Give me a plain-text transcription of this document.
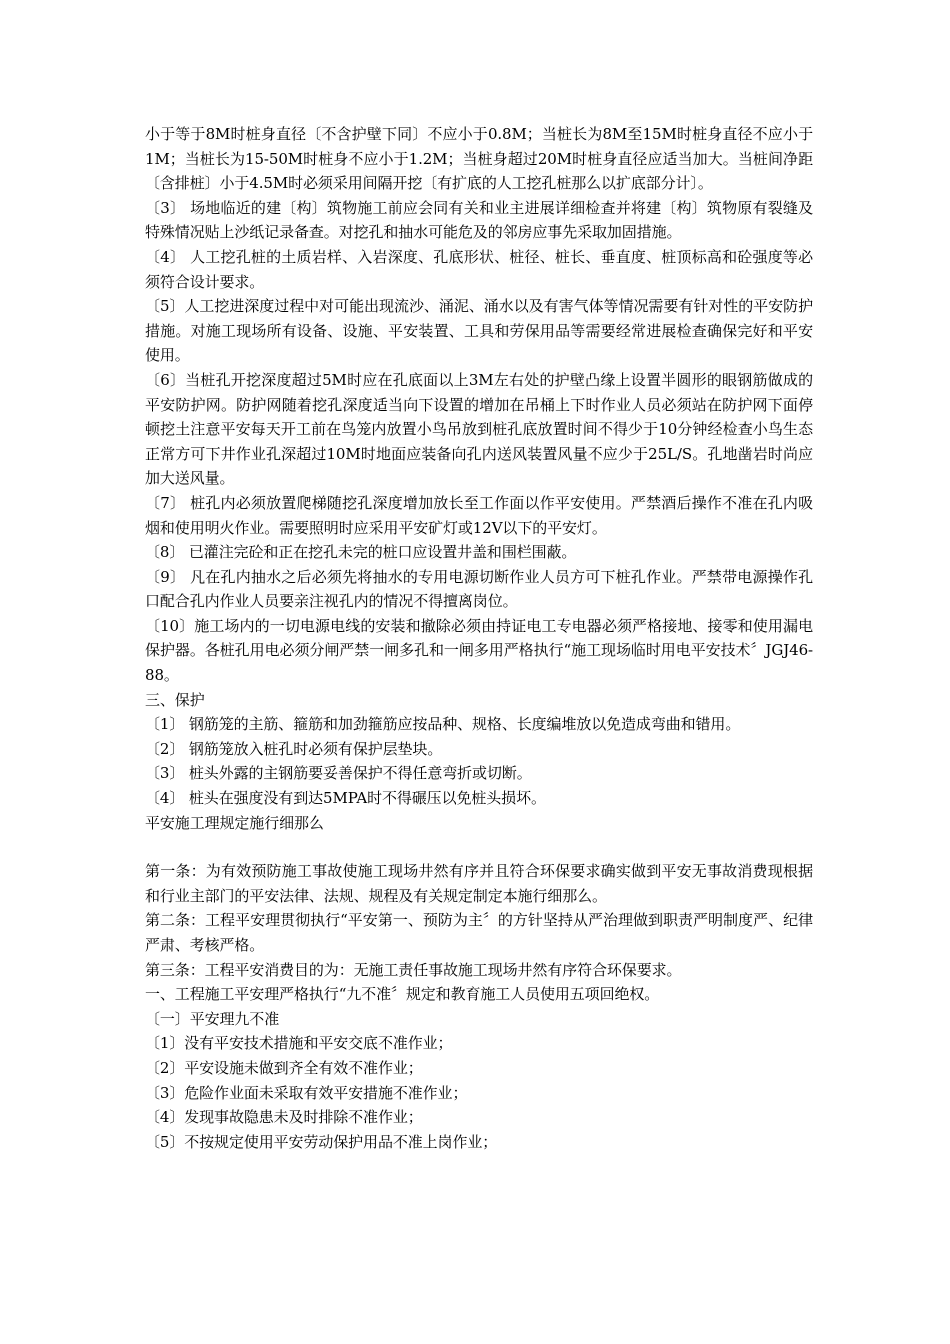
小于等于8M时桩身直径〔不含护壁下同〕不应小于0.8M；当桩长为8M至15M时桩身直径不应小于1M；当桩长为15-50M时桩身不应小于1.2M；当桩身超过20M时桩身直径应适当加大。当桩间净距〔含排桩〕小于4.5M时必须采用间隔开挖〔有扩底的人工挖孔桩那么以扩底部分计〕。

〔3〕 场地临近的建〔构〕筑物施工前应会同有关和业主进展详细检查并将建〔构〕筑物原有裂缝及特殊情况贴上沙纸记录备查。对挖孔和抽水可能危及的邻房应事先采取加固措施。

〔4〕 人工挖孔桩的土质岩样、入岩深度、孔底形状、桩径、桩长、垂直度、桩顶标高和砼强度等必须符合设计要求。

〔5〕人工挖进深度过程中对可能出现流沙、涌泥、涌水以及有害气体等情况需要有针对性的平安防护措施。对施工现场所有设备、设施、平安装置、工具和劳保用品等需要经常进展检查确保完好和平安使用。

〔6〕当桩孔开挖深度超过5M时应在孔底面以上3M左右处的护壁凸缘上设置半圆形的眼钢筋做成的平安防护网。防护网随着挖孔深度适当向下设置的增加在吊桶上下时作业人员必须站在防护网下面停顿挖土注意平安每天开工前在鸟笼内放置小鸟吊放到桩孔底放置时间不得少于10分钟经检查小鸟生态正常方可下井作业孔深超过10M时地面应装备向孔内送风装置风量不应少于25L/S。孔地凿岩时尚应加大送风量。

〔7〕 桩孔内必须放置爬梯随挖孔深度增加放长至工作面以作平安使用。严禁酒后操作不准在孔内吸烟和使用明火作业。需要照明时应采用平安矿灯或12V以下的平安灯。

〔8〕 已灌注完砼和正在挖孔未完的桩口应设置井盖和围栏围蔽。

〔9〕 凡在孔内抽水之后必须先将抽水的专用电源切断作业人员方可下桩孔作业。严禁带电源操作孔口配合孔内作业人员要亲注视孔内的情况不得擅离岗位。

〔10〕施工场内的一切电源电线的安装和撤除必须由持证电工专电器必须严格接地、接零和使用漏电保护器。各桩孔用电必须分闸严禁一闸多孔和一闸多用严格执行“施工现场临时用电平安技术〞JGJ46-88。

三、保护

〔1〕 钢筋笼的主筋、箍筋和加劲箍筋应按品种、规格、长度编堆放以免造成弯曲和错用。

〔2〕 钢筋笼放入桩孔时必须有保护层垫块。

〔3〕 桩头外露的主钢筋要妥善保护不得任意弯折或切断。

〔4〕 桩头在强度没有到达5MPA时不得碾压以免桩头损坏。

平安施工理规定施行细那么

第一条：为有效预防施工事故使施工现场井然有序并且符合环保要求确实做到平安无事故消费现根据和行业主部门的平安法律、法规、规程及有关规定制定本施行细那么。

第二条：工程平安理贯彻执行“平安第一、预防为主〞的方针坚持从严治理做到职责严明制度严、纪律严肃、考核严格。

第三条：工程平安消费目的为：无施工责任事故施工现场井然有序符合环保要求。

一、工程施工平安理严格执行“九不准〞规定和教育施工人员使用五项回绝权。

〔一〕平安理九不准

〔1〕没有平安技术措施和平安交底不准作业；

〔2〕平安设施未做到齐全有效不准作业；

〔3〕危险作业面未采取有效平安措施不准作业；

〔4〕发现事故隐患未及时排除不准作业；

〔5〕不按规定使用平安劳动保护用品不准上岗作业；
